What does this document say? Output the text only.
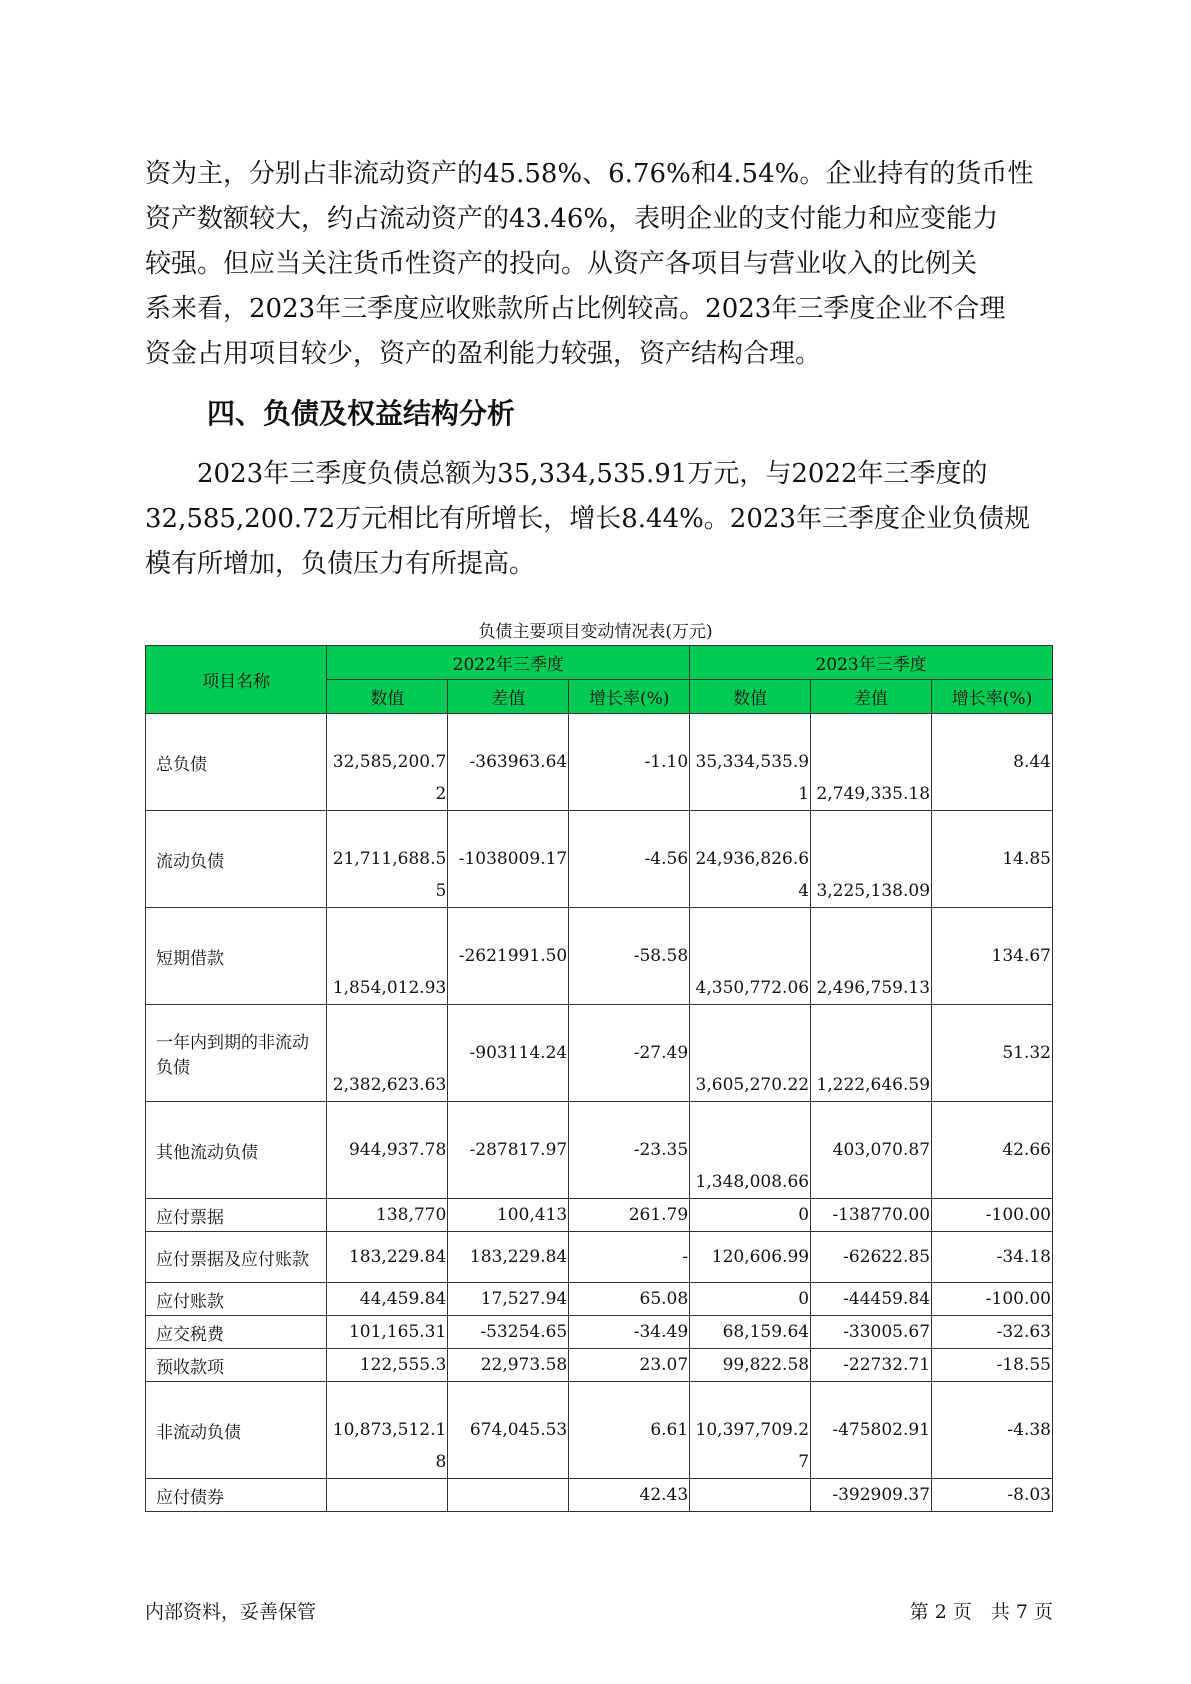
资为主，分别占非流动资产的45.58%、6.76%和4.54%。企业持有的货币性
资产数额较大，约占流动资产的43.46%，表明企业的支付能力和应变能力
较强。但应当关注货币性资产的投向。从资产各项目与营业收入的比例关
系来看，2023年三季度应收账款所占比例较高。2023年三季度企业不合理
资金占用项目较少，资产的盈利能力较强，资产结构合理。
四、负债及权益结构分析
　　2023年三季度负债总额为35,334,535.91万元，与2022年三季度的
32,585,200.72万元相比有所增长，增长8.44%。2023年三季度企业负债规
模有所增加，负债压力有所提高。
负债主要项目变动情况表(万元)
项目名称	2022年三季度			2023年三季度		
	数值	差值	增长率(%)	数值	差值	增长率(%)
总负债	32,585,200.72	-363963.64	-1.10	35,334,535.91	2,749,335.18	8.44
流动负债	21,711,688.55	-1038009.17	-4.56	24,936,826.64	3,225,138.09	14.85
短期借款	1,854,012.93	-2621991.50	-58.58	4,350,772.06	2,496,759.13	134.67
一年内到期的非流动负债	2,382,623.63	-903114.24	-27.49	3,605,270.22	1,222,646.59	51.32
其他流动负债	944,937.78	-287817.97	-23.35	1,348,008.66	403,070.87	42.66
应付票据	138,770	100,413	261.79	0	-138770.00	-100.00
应付票据及应付账款	183,229.84	183,229.84	-	120,606.99	-62622.85	-34.18
应付账款	44,459.84	17,527.94	65.08	0	-44459.84	-100.00
应交税费	101,165.31	-53254.65	-34.49	68,159.64	-33005.67	-32.63
预收款项	122,555.3	22,973.58	23.07	99,822.58	-22732.71	-18.55
非流动负债	10,873,512.18	674,045.53	6.61	10,397,709.27	-475802.91	-4.38
应付债券			42.43		-392909.37	-8.03
内部资料，妥善保管	第 2 页　共 7 页
